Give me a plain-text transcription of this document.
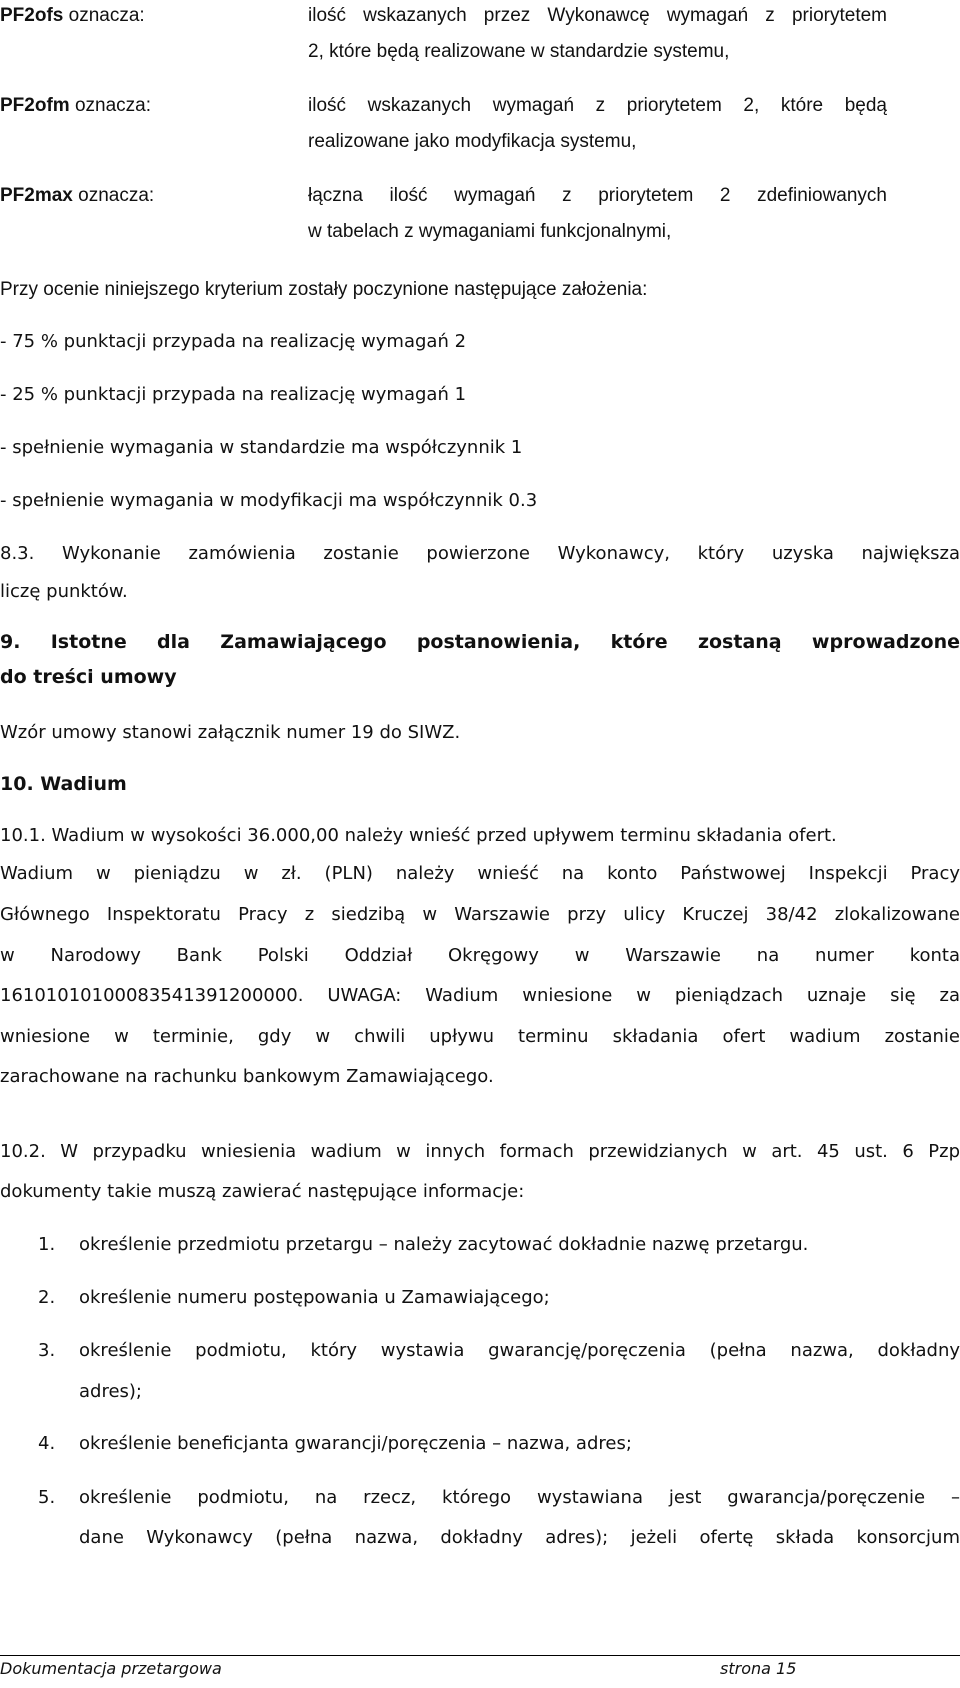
PF2ofs oznacza:	ilość wskazanych przez Wykonawcę wymagań z priorytetem
2, które będą realizowane w standardzie systemu,
PF2ofm oznacza:	ilość wskazanych wymagań z priorytetem 2, które będą
realizowane jako modyfikacja systemu,
PF2max oznacza:	łączna ilość wymagań z priorytetem 2 zdefiniowanych
w tabelach z wymaganiami funkcjonalnymi,
Przy ocenie niniejszego kryterium zostały poczynione następujące założenia:
- 75 % punktacji przypada na realizację wymagań 2
- 25 % punktacji przypada na realizację wymagań 1
- spełnienie wymagania w standardzie ma współczynnik 1
- spełnienie wymagania w modyfikacji ma współczynnik 0.3
8.3. Wykonanie zamówienia zostanie powierzone Wykonawcy, który uzyska największa
liczę punktów.
9. Istotne dla Zamawiającego postanowienia, które zostaną wprowadzone
do treści umowy
Wzór umowy stanowi załącznik numer 19 do SIWZ.
10. Wadium
10.1. Wadium w wysokości 36.000,00 należy wnieść przed upływem terminu składania ofert.
Wadium w pieniądzu w zł. (PLN) należy wnieść na konto Państwowej Inspekcji Pracy
Głównego Inspektoratu Pracy z siedzibą w Warszawie przy ulicy Kruczej 38/42 zlokalizowane
w Narodowy Bank Polski Oddział Okręgowy w Warszawie na numer konta
16101010100083541391200000. UWAGA: Wadium wniesione w pieniądzach uznaje się za
wniesione w terminie, gdy w chwili upływu terminu składania ofert wadium zostanie
zarachowane na rachunku bankowym Zamawiającego.
10.2. W przypadku wniesienia wadium w innych formach przewidzianych w art. 45 ust. 6 Pzp
dokumenty takie muszą zawierać następujące informacje:
1. określenie przedmiotu przetargu – należy zacytować dokładnie nazwę przetargu.
2. określenie numeru postępowania u Zamawiającego;
3. określenie podmiotu, który wystawia gwarancję/poręczenia (pełna nazwa, dokładny
adres);
4. określenie beneficjanta gwarancji/poręczenia – nazwa, adres;
5. określenie podmiotu, na rzecz, którego wystawiana jest gwarancja/poręczenie –
dane Wykonawcy (pełna nazwa, dokładny adres); jeżeli ofertę składa konsorcjum
Dokumentacja przetargowa	strona 15
